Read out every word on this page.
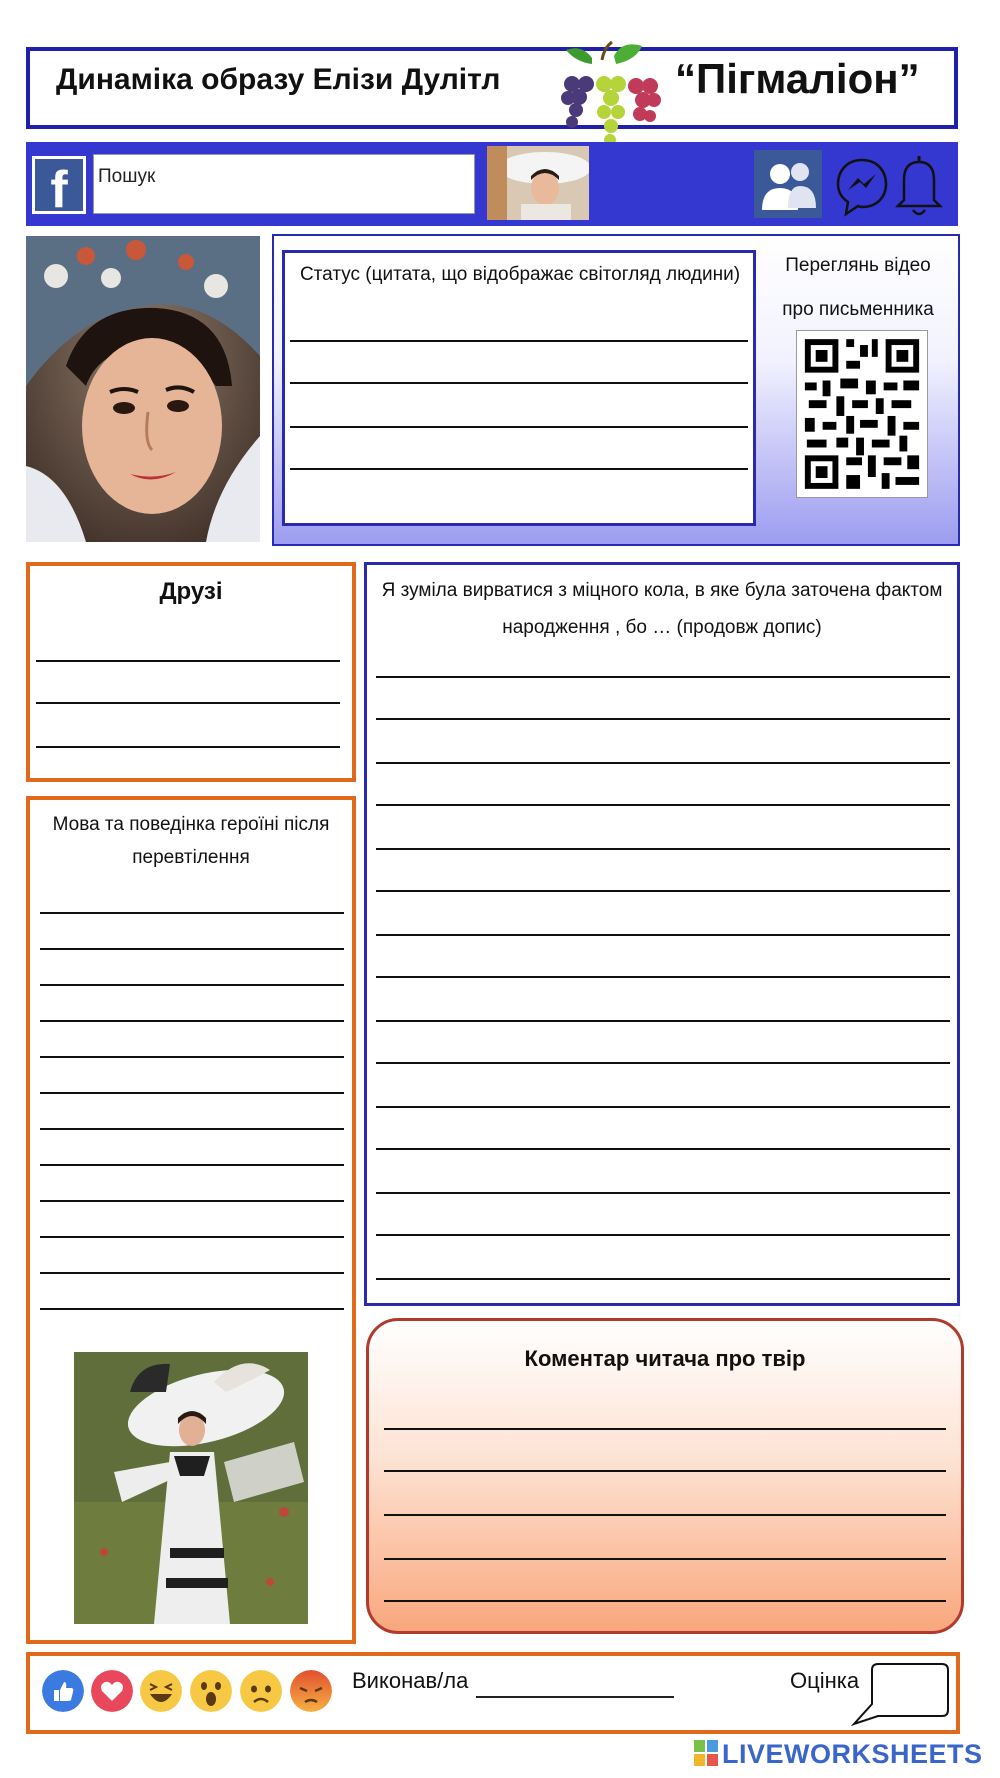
Динаміка образу Елізи Дулітл	“Пігмаліон”
f	Пошук
Статус (цитата, що відображає світогляд людини)	Переглянь відео
про письменника
Друзі	Я зуміла вирватися з міцного кола, в яке була заточена фактом народження , бо … (продовж допис)
Мова та поведінка героїні після перевтілення
Коментар читача про твір
Виконав/ла	Оцінка
LIVEWORKSHEETS
